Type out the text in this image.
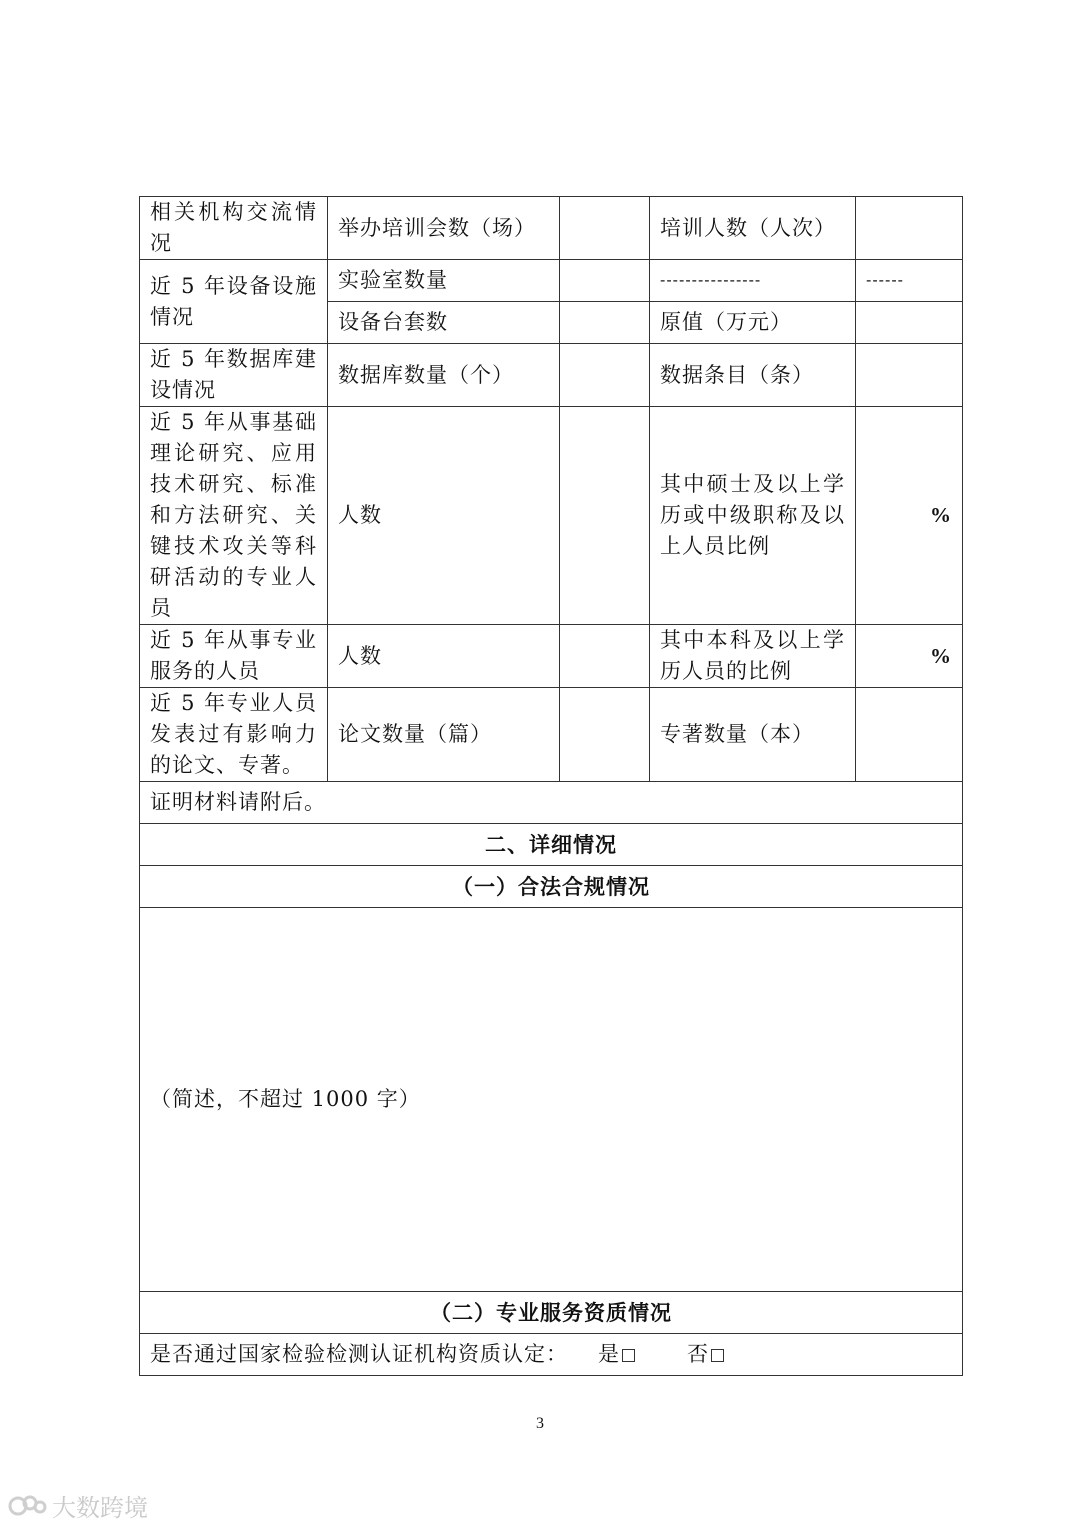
相关机构交流情况	举办培训会数（场）		培训人数（人次）	
近 5 年设备设施情况	实验室数量		----------------	------
	设备台套数		原值（万元）	
近 5 年数据库建设情况	数据库数量（个）		数据条目（条）	
近 5 年从事基础理论研究、应用技术研究、标准和方法研究、关键技术攻关等科研活动的专业人员	人数		其中硕士及以上学历或中级职称及以上人员比例	%
近 5 年从事专业服务的人员	人数		其中本科及以上学历人员的比例	%
近 5 年专业人员发表过有影响力的论文、专著。	论文数量（篇）		专著数量（本）	
证明材料请附后。				
二、详细情况				
（一）合法合规情况				
（简述，不超过 1000 字）				
（二）专业服务资质情况				
是否通过国家检验检测认证机构资质认定： 是 否				
3
大数跨境
